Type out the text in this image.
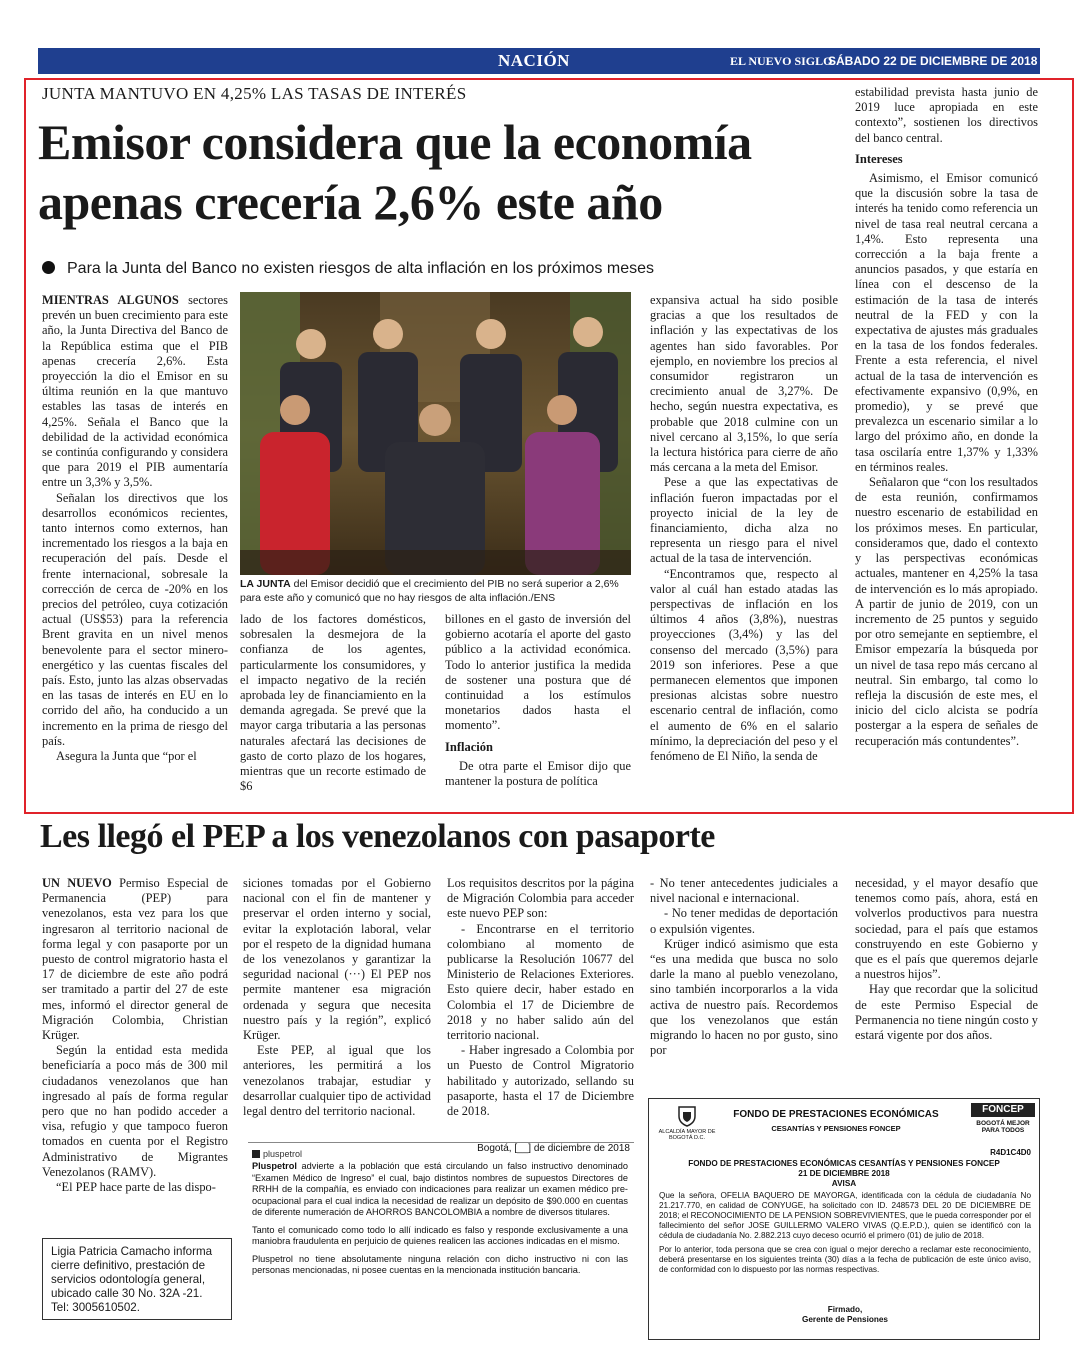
NACIÓN	EL NUEVO SIGLO
SÁBADO 22 DE DICIEMBRE DE 2018 19A
JUNTA MANTUVO EN 4,25% LAS TASAS DE INTERÉS
Emisor considera que la economía
apenas crecería 2,6% este año
Para la Junta del Banco no existen riesgos de alta inflación en los próximos meses

MIENTRAS ALGUNOS sectores prevén un buen crecimiento para este año, la Junta Directiva del Banco de la República estima que el PIB apenas crecería 2,6%. Esta proyección la dio el Emisor en su última reunión en la que mantuvo estables las tasas de interés en 4,25%. Señala el Banco que la debilidad de la actividad económica se continúa configurando y considera que para 2019 el PIB aumentaría entre un 3,3% y 3,5%.

Señalan los directivos que los desarrollos económicos recientes, tanto internos como externos, han incrementado los riesgos a la baja en recuperación del país. Desde el frente internacional, sobresale la corrección de cerca de -20% en los precios del petróleo, cuya cotización actual (US$53) para la referencia Brent gravita en un nivel menos benevolente para el sector minero-energético y las cuentas fiscales del país. Esto, junto las alzas observadas en las tasas de interés en EU en lo corrido del año, ha conducido a un incremento en la prima de riesgo del país.

Asegura la Junta que “por el

LA JUNTA del Emisor decidió que el crecimiento del PIB no será superior a 2,6% para este año y comunicó que no hay riesgos de alta inflación./ENS

lado de los factores domésticos, sobresalen la desmejora de la confianza de los agentes, particularmente los consumidores, y el impacto negativo de la recién aprobada ley de financiamiento en la demanda agregada. Se prevé que la mayor carga tributaria a las personas naturales afectará las decisiones de gasto de corto plazo de los hogares, mientras que un recorte estimado de $6

billones en el gasto de inversión del gobierno acotaría el aporte del gasto público a la actividad económica. Todo lo anterior justifica la medida de sostener una postura que dé continuidad a los estímulos monetarios dados hasta el momento”.

Inflación

De otra parte el Emisor dijo que mantener la postura de política

expansiva actual ha sido posible gracias a que los resultados de inflación y las expectativas de los agentes han sido favorables. Por ejemplo, en noviembre los precios al consumidor registraron un crecimiento anual de 3,27%. De hecho, según nuestra expectativa, es probable que 2018 culmine con un nivel cercano al 3,15%, lo que sería la lectura histórica para cierre de año más cercana a la meta del Emisor.

Pese a que las expectativas de inflación fueron impactadas por el proyecto inicial de la ley de financiamiento, dicha alza no representa un riesgo para el nivel actual de la tasa de intervención.

“Encontramos que, respecto al valor al cuál han estado atadas las perspectivas de inflación en los últimos 4 años (3,8%), nuestras proyecciones (3,4%) y las del consenso del mercado (3,5%) para 2019 son inferiores. Pese a que permanecen elementos que imponen presionas alcistas sobre nuestro escenario central de inflación, como el aumento de 6% en el salario mínimo, la depreciación del peso y el fenómeno de El Niño, la senda de

estabilidad prevista hasta junio de 2019 luce apropiada en este contexto”, sostienen los directivos del banco central.

Intereses

Asimismo, el Emisor comunicó que la discusión sobre la tasa de interés ha tenido como referencia un nivel de tasa real neutral cercana a 1,4%. Esto representa una corrección a la baja frente a anuncios pasados, y que estaría en línea con el descenso de la estimación de la tasa de interés neutral de la FED y con la expectativa de ajustes más graduales en la tasa de los fondos federales. Frente a esta referencia, el nivel actual de la tasa de intervención es efectivamente expansivo (0,9%, en promedio), y se prevé que prevalezca un escenario similar a lo largo del próximo año, en donde la tasa oscilaría entre 1,37% y 1,33% en términos reales.

Señalaron que “con los resultados de esta reunión, confirmamos nuestro escenario de estabilidad en los próximos meses. En particular, consideramos que, dado el contexto y las perspectivas económicas actuales, mantener en 4,25% la tasa de intervención es lo más apropiado. A partir de junio de 2019, con un incremento de 25 puntos y seguido por otro semejante en septiembre, el Emisor empezaría la búsqueda por un nivel de tasa repo más cercano al neutral. Sin embargo, tal como lo refleja la discusión de este mes, el inicio del ciclo alcista se podría postergar a la espera de señales de recuperación más contundentes”.

Les llegó el PEP a los venezolanos con pasaporte

UN NUEVO Permiso Especial de Permanencia (PEP) para venezolanos, esta vez para los que ingresaron al territorio nacional de forma legal y con pasaporte por un puesto de control migratorio hasta el 17 de diciembre de este año podrá ser tramitado a partir del 27 de este mes, informó el director general de Migración Colombia, Christian Krüger.

Según la entidad esta medida beneficiaría a poco más de 300 mil ciudadanos venezolanos que han ingresado al país de forma regular pero que no han podido acceder a visa, refugio y que tampoco fueron tomados en cuenta por el Registro Administrativo de Migrantes Venezolanos (RAMV).

“El PEP hace parte de las dispo-

siciones tomadas por el Gobierno nacional con el fin de mantener y preservar el orden interno y social, evitar la explotación laboral, velar por el respeto de la dignidad humana de los venezolanos y garantizar la seguridad nacional (···) El PEP nos permite mantener esa migración ordenada y segura que necesita nuestro país y la región”, explicó Krüger.

Este PEP, al igual que los anteriores, les permitirá a los venezolanos trabajar, estudiar y desarrollar cualquier tipo de actividad legal dentro del territorio nacional.

Los requisitos descritos por la página de Migración Colombia para acceder este nuevo PEP son:

- Encontrarse en el territorio colombiano al momento de publicarse la Resolución 10677 del Ministerio de Relaciones Exteriores. Esto quiere decir, haber estado en Colombia el 17 de Diciembre de 2018 y no haber salido aún del territorio nacional.

- Haber ingresado a Colombia por un Puesto de Control Migratorio habilitado y autorizado, sellando su pasaporte, hasta el 17 de Diciembre de 2018.

- No tener antecedentes judiciales a nivel nacional e internacional.

- No tener medidas de deportación o expulsión vigentes.

Krüger indicó asimismo que esta “es una medida que busca no solo darle la mano al pueblo venezolano, sino también incorporarlos a la vida activa de nuestro país. Recordemos que los venezolanos que están migrando lo hacen no por gusto, sino por

necesidad, y el mayor desafío que tenemos como país, ahora, está en volverlos productivos para nuestra sociedad, para el país que estamos construyendo en este Gobierno y que es el país que queremos dejarle a nuestros hijos”.

Hay que recordar que la solicitud de este Permiso Especial de Permanencia no tiene ningún costo y estará vigente por dos años.

pluspetrol	Bogotá, [__] de diciembre de 2018

Pluspetrol advierte a la población que está circulando un falso instructivo denominado “Examen Médico de Ingreso” el cual, bajo distintos nombres de supuestos Directores de RRHH de la compañía, es enviado con indicaciones para realizar un examen médico pre-ocupacional para el cual indica la necesidad de realizar un depósito de $90.000 en cuentas de diferente numeración de AHORROS BANCOLOMBIA a nombre de diversos titulares.

Tanto el comunicado como todo lo allí indicado es falso y responde exclusivamente a una maniobra fraudulenta en perjuicio de quienes realicen las acciones indicadas en el mismo.

Pluspetrol no tiene absolutamente ninguna relación con dicho instructivo ni con las personas mencionadas, ni posee cuentas en la mencionada institución bancaria.

ALCALDÍA MAYOR DE BOGOTÁ D.C.
FONDO DE PRESTACIONES ECONÓMICAS
CESANTÍAS Y PENSIONES FONCEP
FONCEP
BOGOTÁ MEJOR PARA TODOS
R4D1C4D0
FONDO DE PRESTACIONES ECONÓMICAS CESANTÍAS Y PENSIONES FONCEP
21 DE DICIEMBRE 2018
AVISA

Que la señora, OFELIA BAQUERO DE MAYORGA, identificada con la cédula de ciudadanía No 21.217.770, en calidad de CONYUGE, ha solicitado con ID. 248573 DEL 20 DE DICIEMBRE DE 2018; el RECONOCIMIENTO DE LA PENSION SOBREVIVIENTES, que le pueda corresponder por el fallecimiento del señor JOSE GUILLERMO VALERO VIVAS (Q.E.P.D.), quien se identificó con la cédula de ciudadanía No. 2.882.213 cuyo deceso ocurrió el primero (01) de julio de 2018.

Por lo anterior, toda persona que se crea con igual o mejor derecho a reclamar este reconocimiento, deberá presentarse en los siguientes treinta (30) días a la fecha de publicación de este único aviso, de conformidad con lo dispuesto por las normas respectivas.

Firmado,
Gerente de Pensiones
Ligia Patricia Camacho informa cierre definitivo, prestación de servicios odontología general, ubicado calle 30 No. 32A -21. Tel: 3005610502.
